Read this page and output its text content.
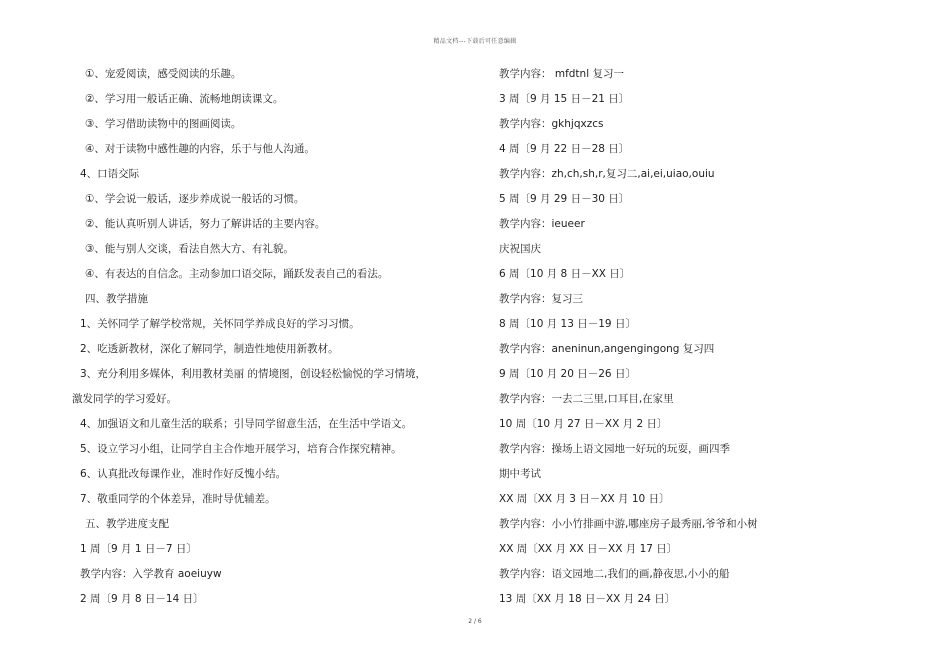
精品文档---下载后可任意编辑
①、宠爱阅读，感受阅读的乐趣。
②、学习用一般话正确、流畅地朗读课文。
③、学习借助读物中的图画阅读。
④、对于读物中感性趣的内容，乐于与他人沟通。
4、口语交际
①、学会说一般话，逐步养成说一般话的习惯。
②、能认真听别人讲话，努力了解讲话的主要内容。
③、能与别人交谈，看法自然大方、有礼貌。
④、有表达的自信念。主动参加口语交际，踊跃发表自己的看法。
四、教学措施
1、关怀同学了解学校常规，关怀同学养成良好的学习习惯。
2、吃透新教材，深化了解同学，制造性地使用新教材。
3、充分利用多媒体，利用教材美丽 的情境图，创设轻松愉悦的学习情境，
激发同学的学习爱好。
4、加强语文和儿童生活的联系；引导同学留意生活，在生活中学语文。
5、设立学习小组，让同学自主合作地开展学习，培育合作探究精神。
6、认真批改每课作业，准时作好反愧小结。
7、敬重同学的个体差异，准时导优辅差。
五、教学进度支配
1 周〔9 月 1 日－7 日〕
教学内容：入学教育 aoeiuyw
2 周〔9 月 8 日－14 日〕
教学内容： mfdtnl 复习一
3 周〔9 月 15 日－21 日〕
教学内容：gkhjqxzcs
4 周〔9 月 22 日－28 日〕
教学内容：zh,ch,sh,r,复习二,ai,ei,uiao,ouiu
5 周〔9 月 29 日－30 日〕
教学内容：ieueer
庆祝国庆
6 周〔10 月 8 日－XX 日〕
教学内容：复习三
8 周〔10 月 13 日－19 日〕
教学内容：aneninun,angengingong 复习四
9 周〔10 月 20 日－26 日〕
教学内容：一去二三里,口耳目,在家里
10 周〔10 月 27 日－XX 月 2 日〕
教学内容：操场上语文园地一好玩的玩耍，画四季
期中考试
XX 周〔XX 月 3 日－XX 月 10 日〕
教学内容：小小竹排画中游,哪座房子最秀丽,爷爷和小树
XX 周〔XX 月 XX 日－XX 月 17 日〕
教学内容：语文园地二,我们的画,静夜思,小小的船
13 周〔XX 月 18 日－XX 月 24 日〕
2 / 6
